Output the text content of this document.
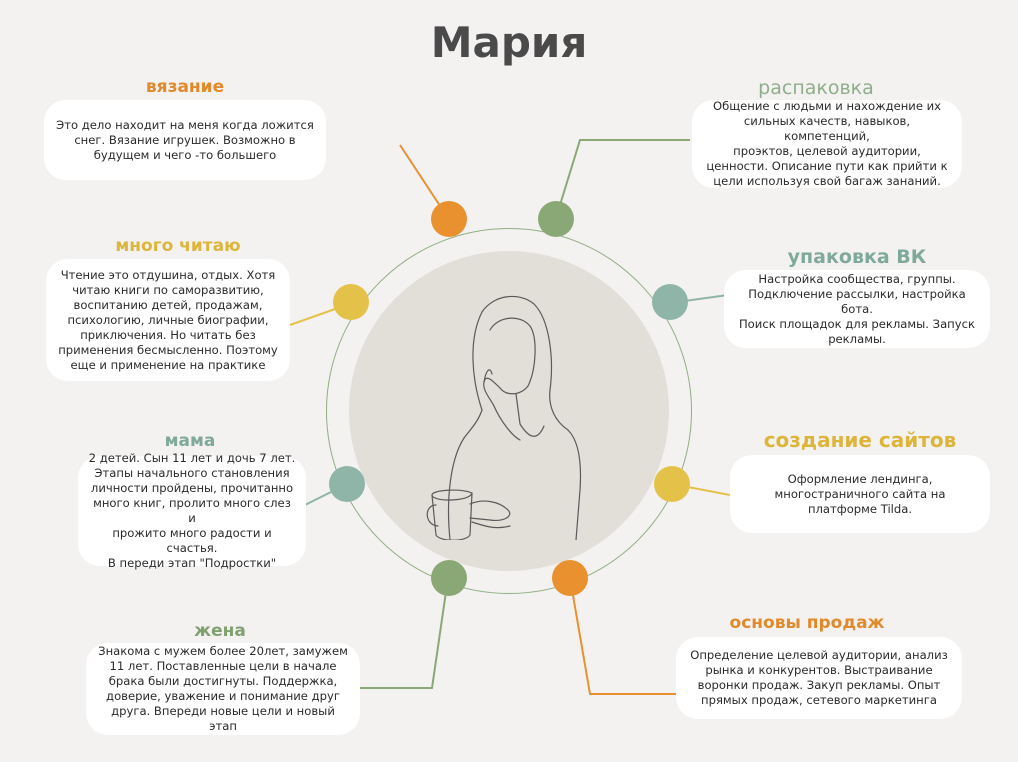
Мария
вязание
Это дело находит на меня когда ложится
снег. Вязание игрушек. Возможно в
будущем и чего -то большего
много читаю
Чтение это отдушина, отдых. Хотя
читаю книги по саморазвитию,
воспитанию детей, продажам,
психологию, личные биографии,
приключения. Но читать без
применения бесмысленно. Поэтому
еще и применение на практике
мама
2 детей. Сын 11 лет и дочь 7 лет.
Этапы начального становления
личности пройдены, прочитанно
много книг, пролито много слез и
прожито много радости и счастья.
В переди этап "Подростки"
жена
Знакома с мужем более 20лет, замужем
11 лет. Поставленные цели в начале
брака были достигнуты. Поддержка,
доверие, уважение и понимание друг
друга. Впереди новые цели и новый этап
распаковка
Общение с людьми и нахождение их
сильных качеств, навыков, компетенций,
проэктов, целевой аудитории,
ценности. Описание пути как прийти к
цели используя свой багаж зананий.
упаковка ВК
Настройка сообщества, группы.
Подключение рассылки, настройка бота.
Поиск площадок для рекламы. Запуск
рекламы.
создание сайтов
Оформление лендинга,
многостраничного сайта на
платформе Tilda.
основы продаж
Определение целевой аудитории, анализ
рынка и конкурентов. Выстраивание
воронки продаж. Закуп рекламы. Опыт
прямых продаж, сетевого маркетинга
